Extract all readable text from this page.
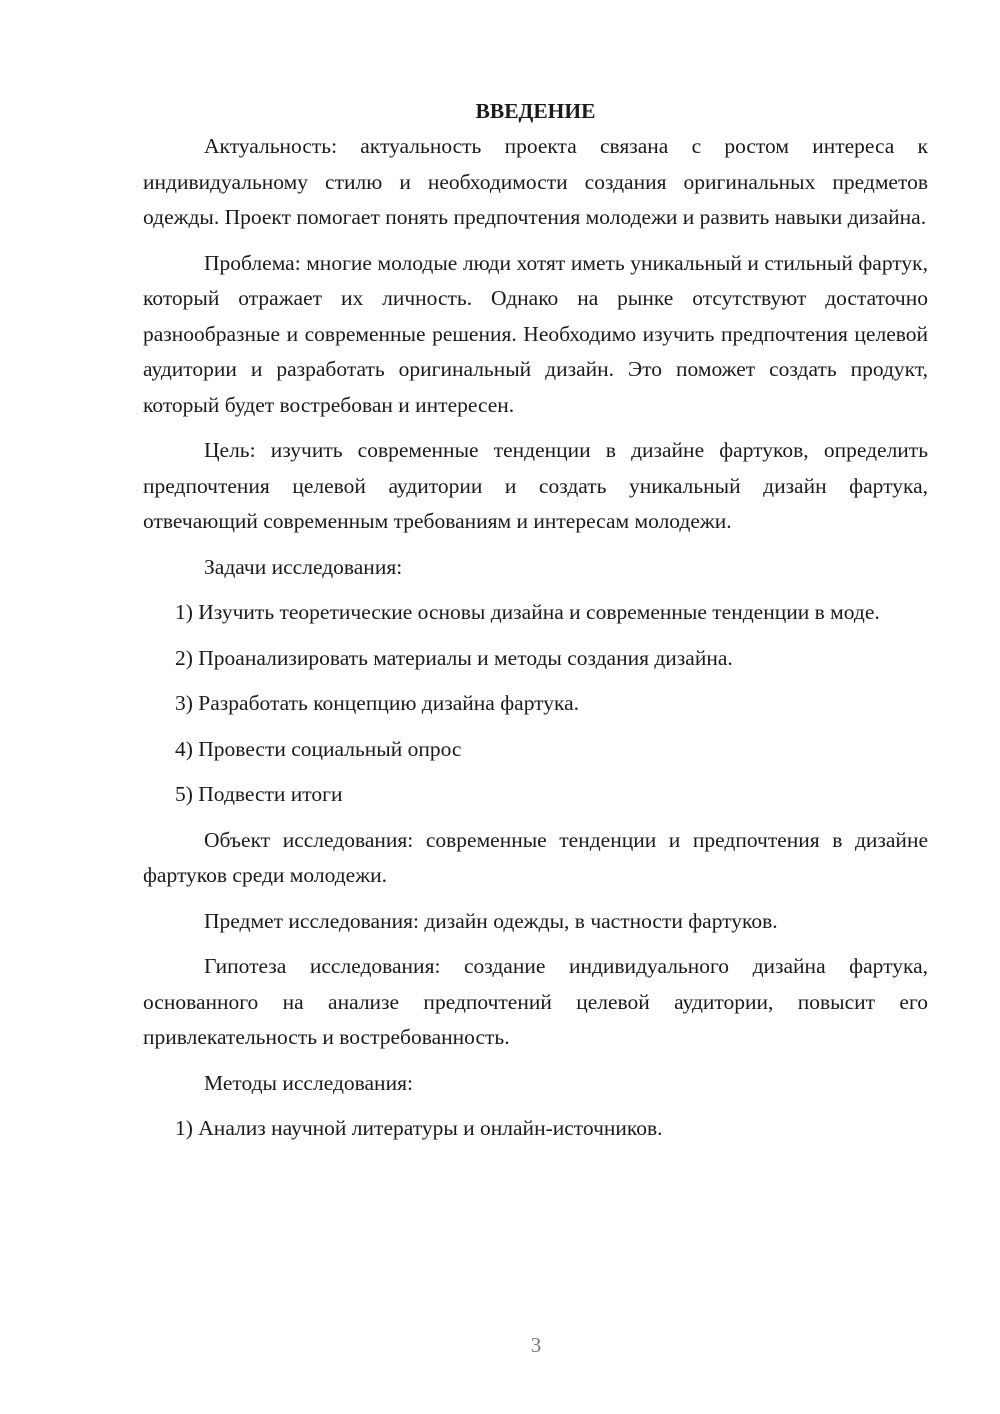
ВВЕДЕНИЕ

Актуальность: актуальность проекта связана с ростом интереса к индивидуальному стилю и необходимости создания оригинальных предметов одежды. Проект помогает понять предпочтения молодежи и развить навыки дизайна.

Проблема: многие молодые люди хотят иметь уникальный и стильный фартук, который отражает их личность. Однако на рынке отсутствуют достаточно разнообразные и современные решения. Необходимо изучить предпочтения целевой аудитории и разработать оригинальный дизайн. Это поможет создать продукт, который будет востребован и интересен.

Цель: изучить современные тенденции в дизайне фартуков, определить предпочтения целевой аудитории и создать уникальный дизайн фартука, отвечающий современным требованиям и интересам молодежи.

Задачи исследования:

1) Изучить теоретические основы дизайна и современные тенденции в моде.

2) Проанализировать материалы и методы создания дизайна.

3) Разработать концепцию дизайна фартука.

4) Провести социальный опрос

5) Подвести итоги

Объект исследования: современные тенденции и предпочтения в дизайне фартуков среди молодежи.

Предмет исследования: дизайн одежды, в частности фартуков.

Гипотеза исследования: создание индивидуального дизайна фартука, основанного на анализе предпочтений целевой аудитории, повысит его привлекательность и востребованность.

Методы исследования:

1) Анализ научной литературы и онлайн-источников.

3
